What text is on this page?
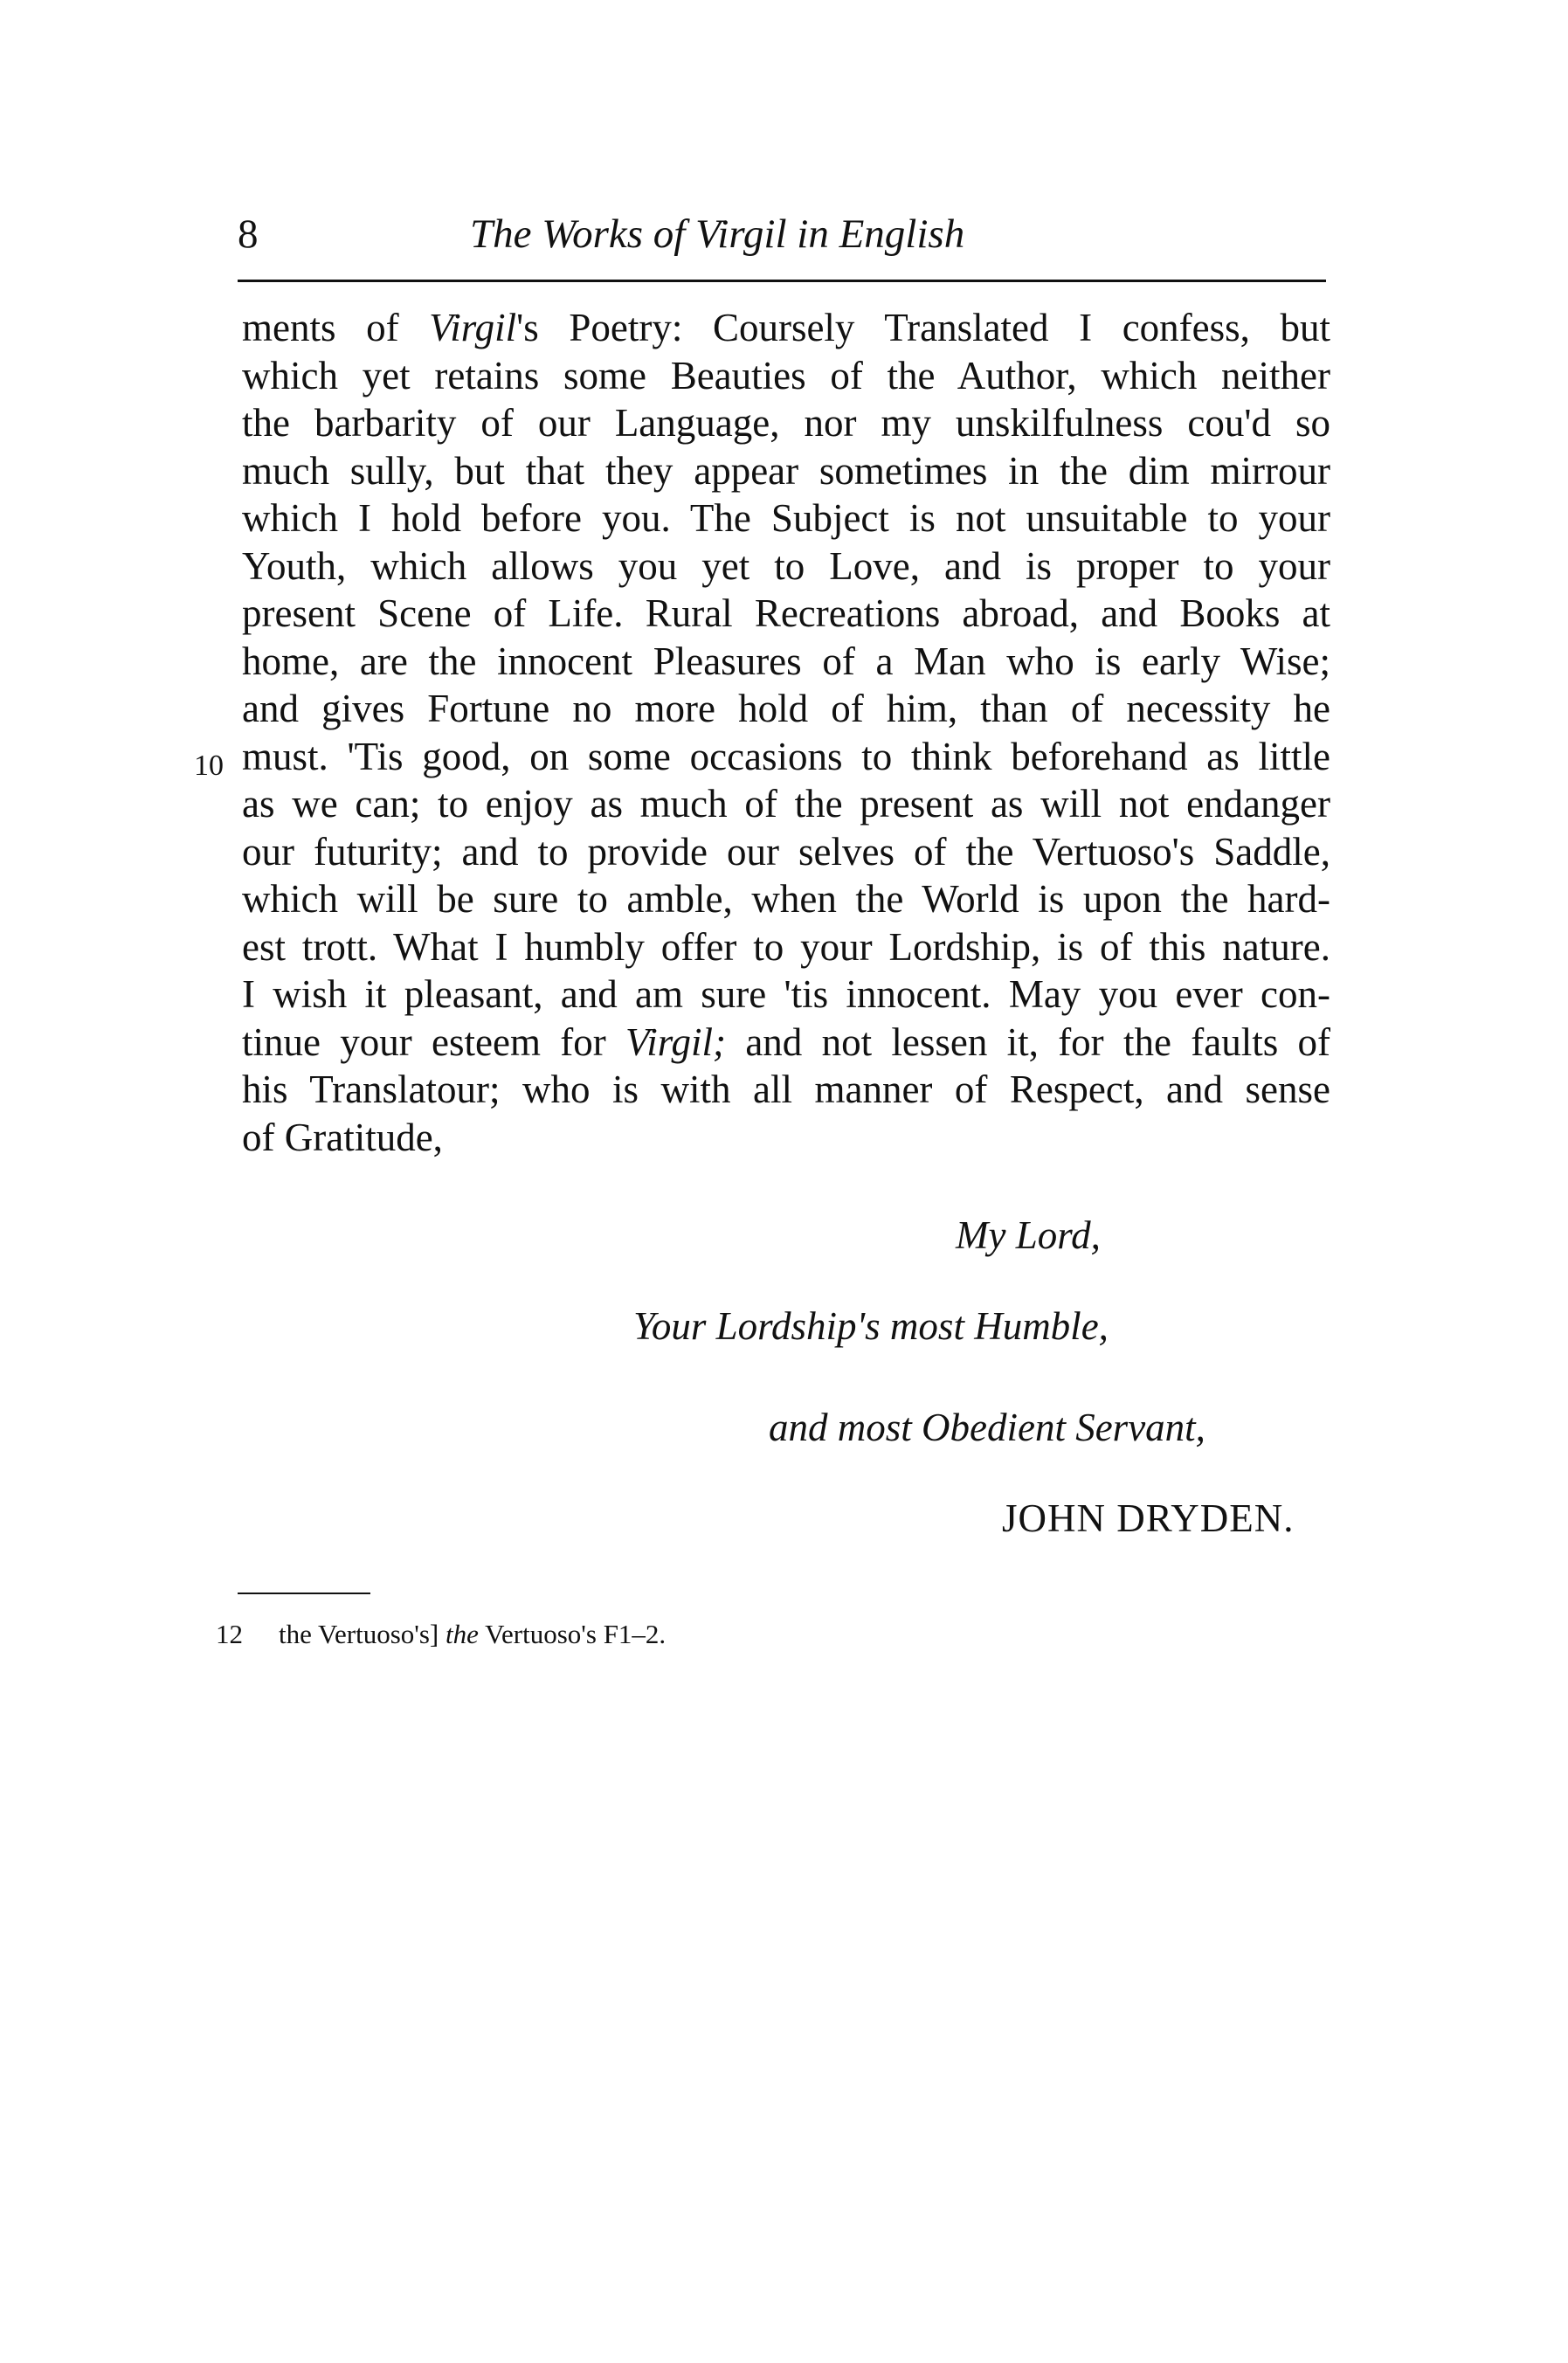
8	The Works of Virgil in English
10
ments of Virgil's Poetry: Coursely Translated I confess, but
which yet retains some Beauties of the Author, which neither
the barbarity of our Language, nor my unskilfulness cou'd so
much sully, but that they appear sometimes in the dim mirrour
which I hold before you. The Subject is not unsuitable to your
Youth, which allows you yet to Love, and is proper to your
present Scene of Life. Rural Recreations abroad, and Books at
home, are the innocent Pleasures of a Man who is early Wise;
and gives Fortune no more hold of him, than of necessity he
must. 'Tis good, on some occasions to think beforehand as little
as we can; to enjoy as much of the present as will not endanger
our futurity; and to provide our selves of the Vertuoso's Saddle,
which will be sure to amble, when the World is upon the hard-
est trott. What I humbly offer to your Lordship, is of this nature.
I wish it pleasant, and am sure 'tis innocent. May you ever con-
tinue your esteem for Virgil; and not lessen it, for the faults of
his Translatour; who is with all manner of Respect, and sense
of Gratitude,
My Lord,
Your Lordship's most Humble,
and most Obedient Servant,
JOHN DRYDEN.
12 the Vertuoso's] the Vertuoso's F1–2.
